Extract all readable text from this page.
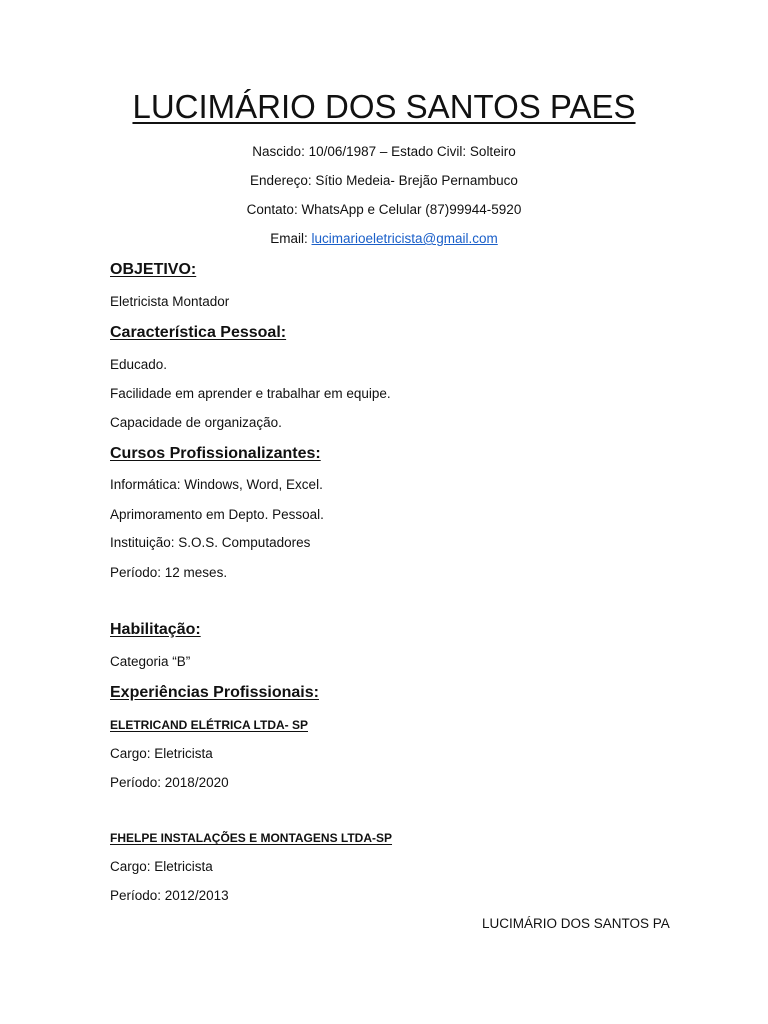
LUCIMÁRIO DOS SANTOS PAES
Nascido: 10/06/1987 – Estado Civil: Solteiro
Endereço: Sítio Medeia- Brejão Pernambuco
Contato: WhatsApp e Celular (87)99944-5920
Email: lucimarioeletricista@gmail.com
OBJETIVO:
Eletricista Montador
Característica Pessoal:
Educado.
Facilidade em aprender e trabalhar em equipe.
Capacidade de organização.
Cursos Profissionalizantes:
Informática: Windows, Word, Excel.
Aprimoramento em Depto. Pessoal.
Instituição: S.O.S. Computadores
Período: 12 meses.
Habilitação:
Categoria “B”
Experiências Profissionais:
ELETRICAND ELÉTRICA LTDA- SP
Cargo: Eletricista
Período: 2018/2020
FHELPE INSTALAÇÕES E MONTAGENS LTDA-SP
Cargo: Eletricista
Período: 2012/2013
LUCIMÁRIO DOS SANTOS PA
